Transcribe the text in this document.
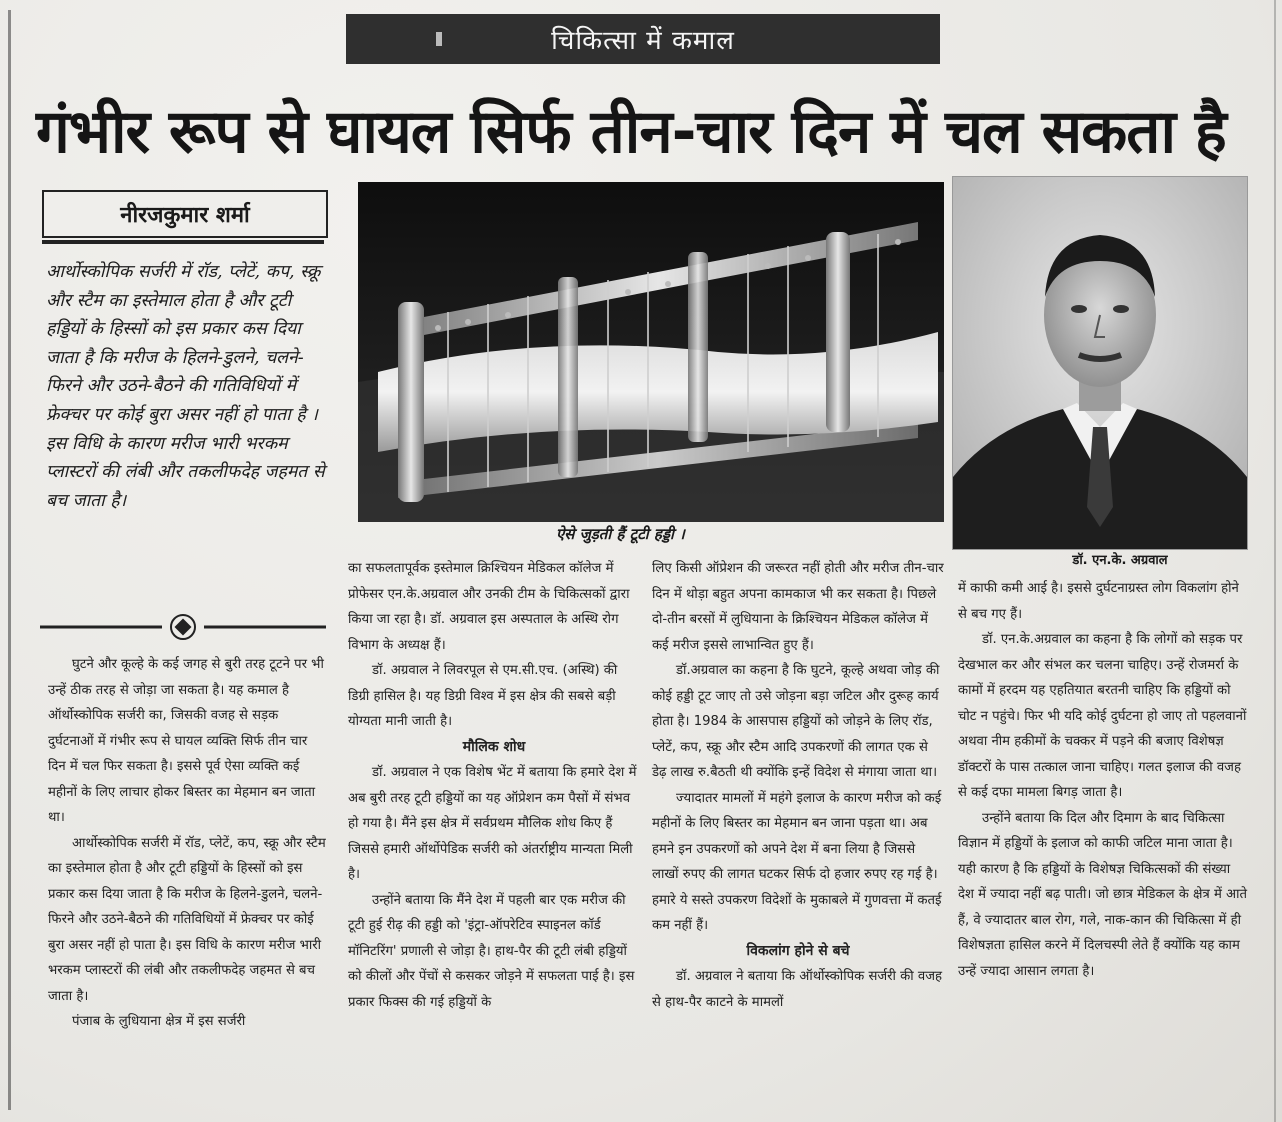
चिकित्सा में कमाल
गंभीर रूप से घायल सिर्फ तीन-चार दिन में चल सकता है
नीरजकुमार शर्मा
आर्थोस्कोपिक सर्जरी में रॉड, प्लेटें, कप, स्क्रू और स्टैम का इस्तेमाल होता है और टूटी हड्डियों के हिस्सों को इस प्रकार कस दिया जाता है कि मरीज के हिलने-डुलने, चलने-फिरने और उठने-बैठने की गतिविधियों में फ्रेक्चर पर कोई बुरा असर नहीं हो पाता है । इस विधि के कारण मरीज भारी भरकम प्लास्टरों की लंबी और तकलीफदेह जहमत से बच जाता है।

घुटने और कूल्हे के कई जगह से बुरी तरह टूटने पर भी उन्हें ठीक तरह से जोड़ा जा सकता है। यह कमाल है ऑर्थोस्कोपिक सर्जरी का, जिसकी वजह से सड़क दुर्घटनाओं में गंभीर रूप से घायल व्यक्ति सिर्फ तीन चार दिन में चल फिर सकता है। इससे पूर्व ऐसा व्यक्ति कई महीनों के लिए लाचार होकर बिस्तर का मेहमान बन जाता था।

आर्थोस्कोपिक सर्जरी में रॉड, प्लेटें, कप, स्क्रू और स्टैम का इस्तेमाल होता है और टूटी हड्डियों के हिस्सों को इस प्रकार कस दिया जाता है कि मरीज के हिलने-डुलने, चलने-फिरने और उठने-बैठने की गतिविधियों में फ्रेक्चर पर कोई बुरा असर नहीं हो पाता है। इस विधि के कारण मरीज भारी भरकम प्लास्टरों की लंबी और तकलीफदेह जहमत से बच जाता है।

पंजाब के लुधियाना क्षेत्र में इस सर्जरी

ऐसे जुड़ती हैं टूटी हड्डी ।

का सफलतापूर्वक इस्तेमाल क्रिश्चियन मेडिकल कॉलेज में प्रोफेसर एन.के.अग्रवाल और उनकी टीम के चिकित्सकों द्वारा किया जा रहा है। डॉ. अग्रवाल इस अस्पताल के अस्थि रोग विभाग के अध्यक्ष हैं।

डॉ. अग्रवाल ने लिवरपूल से एम.सी.एच. (अस्थि) की डिग्री हासिल है। यह डिग्री विश्व में इस क्षेत्र की सबसे बड़ी योग्यता मानी जाती है।

मौलिक शोध

डॉ. अग्रवाल ने एक विशेष भेंट में बताया कि हमारे देश में अब बुरी तरह टूटी हड्डियों का यह ऑप्रेशन कम पैसों में संभव हो गया है। मैंने इस क्षेत्र में सर्वप्रथम मौलिक शोध किए हैं जिससे हमारी ऑर्थोपेडिक सर्जरी को अंतर्राष्ट्रीय मान्यता मिली है।

उन्होंने बताया कि मैंने देश में पहली बार एक मरीज की टूटी हुई रीढ़ की हड्डी को 'इंट्रा-ऑपरेटिव स्पाइनल कॉर्ड मॉनिटरिंग' प्रणाली से जोड़ा है। हाथ-पैर की टूटी लंबी हड्डियों को कीलों और पेंचों से कसकर जोड़ने में सफलता पाई है। इस प्रकार फिक्स की गई हड्डियों के

लिए किसी ऑप्रेशन की जरूरत नहीं होती और मरीज तीन-चार दिन में थोड़ा बहुत अपना कामकाज भी कर सकता है। पिछले दो-तीन बरसों में लुधियाना के क्रिश्चियन मेडिकल कॉलेज में कई मरीज इससे लाभान्वित हुए हैं।

डॉ.अग्रवाल का कहना है कि घुटने, कूल्हे अथवा जोड़ की कोई हड्डी टूट जाए तो उसे जोड़ना बड़ा जटिल और दुरूह कार्य होता है। 1984 के आसपास हड्डियों को जोड़ने के लिए रॉड, प्लेटें, कप, स्क्रू और स्टैम आदि उपकरणों की लागत एक से डेढ़ लाख रु.बैठती थी क्योंकि इन्हें विदेश से मंगाया जाता था।

ज्यादातर मामलों में महंगे इलाज के कारण मरीज को कई महीनों के लिए बिस्तर का मेहमान बन जाना पड़ता था। अब हमने इन उपकरणों को अपने देश में बना लिया है जिससे लाखों रुपए की लागत घटकर सिर्फ दो हजार रुपए रह गई है। हमारे ये सस्ते उपकरण विदेशों के मुकाबले में गुणवत्ता में कतई कम नहीं हैं।

विकलांग होने से बचे

डॉ. अग्रवाल ने बताया कि ऑर्थोस्कोपिक सर्जरी की वजह से हाथ-पैर काटने के मामलों

डॉ. एन.के. अग्रवाल

में काफी कमी आई है। इससे दुर्घटनाग्रस्त लोग विकलांग होने से बच गए हैं।

डॉ. एन.के.अग्रवाल का कहना है कि लोगों को सड़क पर देखभाल कर और संभल कर चलना चाहिए। उन्हें रोजमर्रा के कामों में हरदम यह एहतियात बरतनी चाहिए कि हड्डियों को चोट न पहुंचे। फिर भी यदि कोई दुर्घटना हो जाए तो पहलवानों अथवा नीम हकीमों के चक्कर में पड़ने की बजाए विशेषज्ञ डॉक्टरों के पास तत्काल जाना चाहिए। गलत इलाज की वजह से कई दफा मामला बिगड़ जाता है।

उन्होंने बताया कि दिल और दिमाग के बाद चिकित्सा विज्ञान में हड्डियों के इलाज को काफी जटिल माना जाता है। यही कारण है कि हड्डियों के विशेषज्ञ चिकित्सकों की संख्या देश में ज्यादा नहीं बढ़ पाती। जो छात्र मेडिकल के क्षेत्र में आते हैं, वे ज्यादातर बाल रोग, गले, नाक-कान की चिकित्सा में ही विशेषज्ञता हासिल करने में दिलचस्पी लेते हैं क्योंकि यह काम उन्हें ज्यादा आसान लगता है।
